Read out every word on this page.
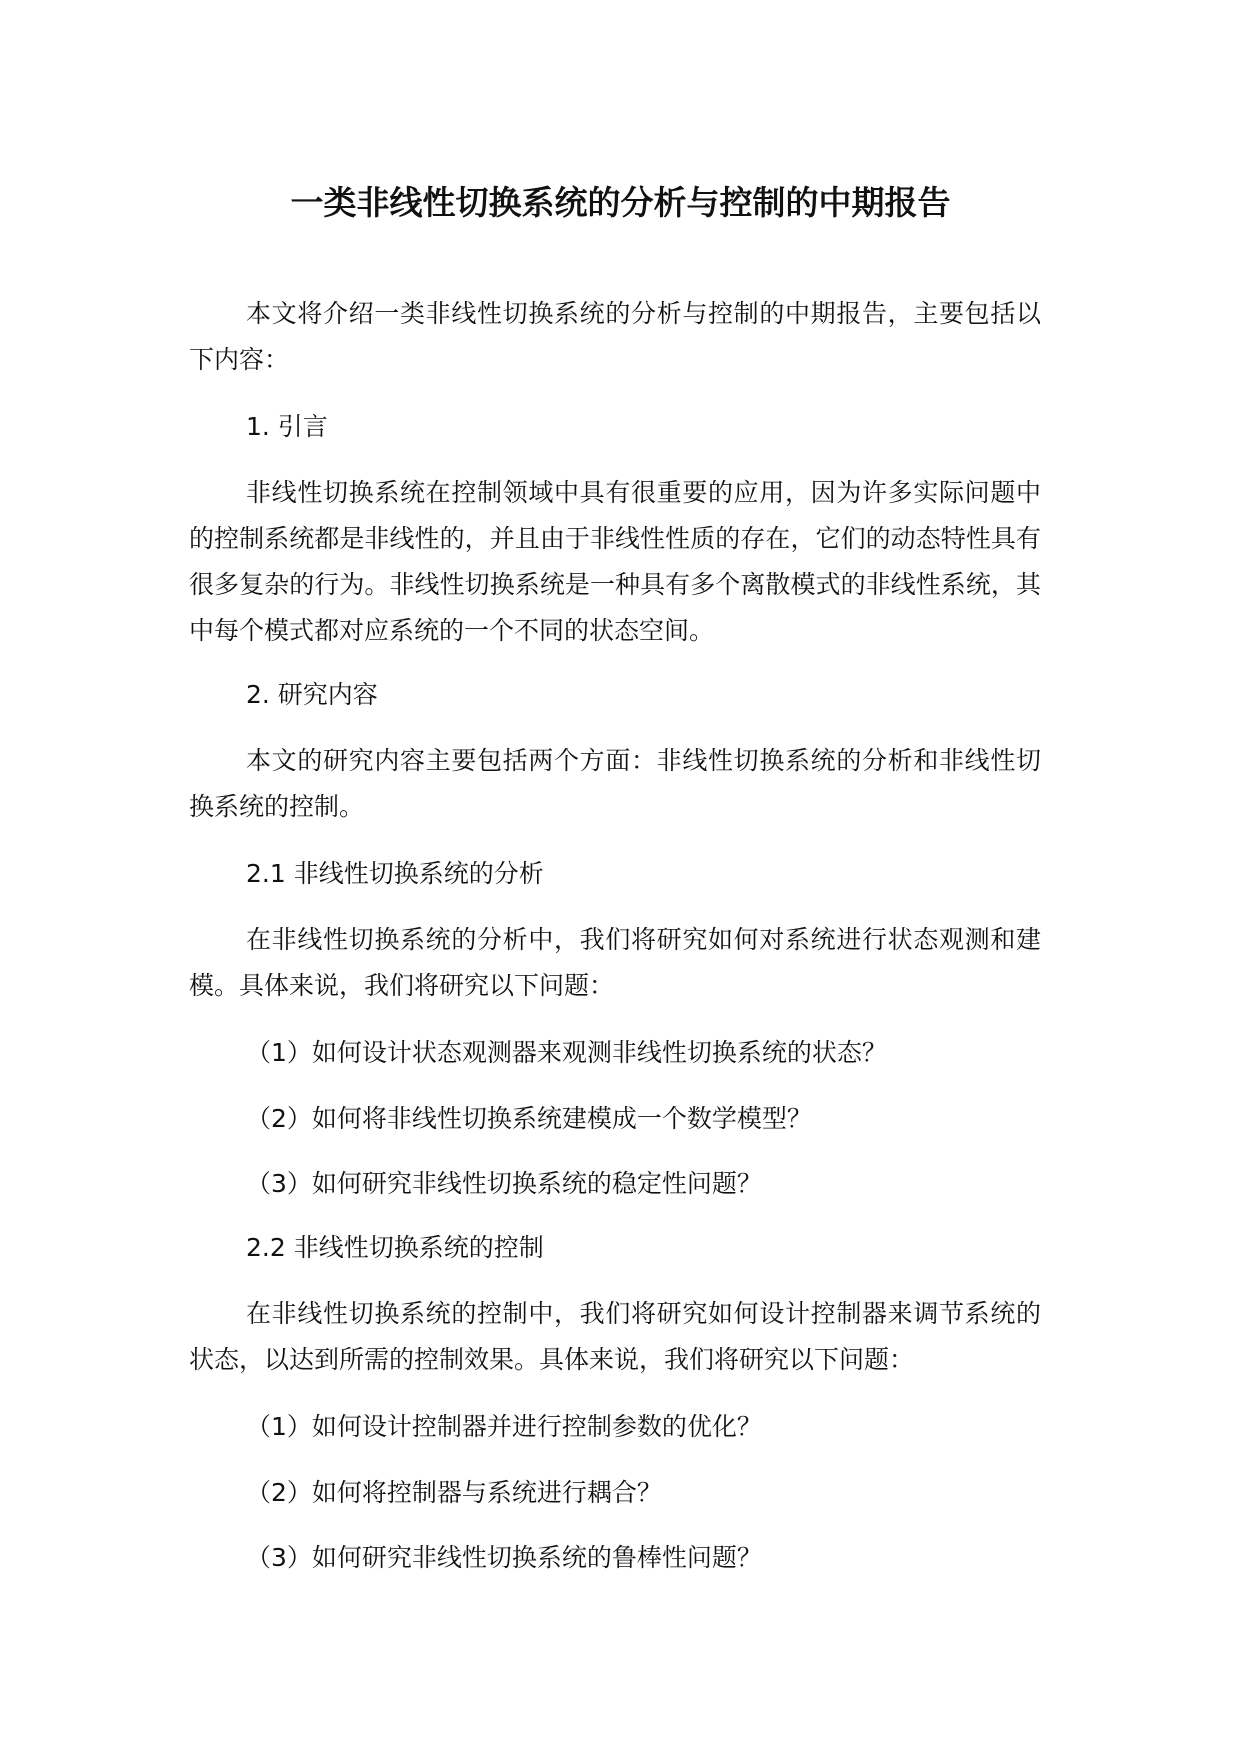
一类非线性切换系统的分析与控制的中期报告

本文将介绍一类非线性切换系统的分析与控制的中期报告，主要包括以下内容：

1. 引言

非线性切换系统在控制领域中具有很重要的应用，因为许多实际问题中的控制系统都是非线性的，并且由于非线性性质的存在，它们的动态特性具有很多复杂的行为。非线性切换系统是一种具有多个离散模式的非线性系统，其中每个模式都对应系统的一个不同的状态空间。

2. 研究内容

本文的研究内容主要包括两个方面：非线性切换系统的分析和非线性切换系统的控制。

2.1 非线性切换系统的分析

在非线性切换系统的分析中，我们将研究如何对系统进行状态观测和建模。具体来说，我们将研究以下问题：

（1）如何设计状态观测器来观测非线性切换系统的状态？

（2）如何将非线性切换系统建模成一个数学模型？

（3）如何研究非线性切换系统的稳定性问题？

2.2 非线性切换系统的控制

在非线性切换系统的控制中，我们将研究如何设计控制器来调节系统的状态，以达到所需的控制效果。具体来说，我们将研究以下问题：

（1）如何设计控制器并进行控制参数的优化？

（2）如何将控制器与系统进行耦合？

（3）如何研究非线性切换系统的鲁棒性问题？
